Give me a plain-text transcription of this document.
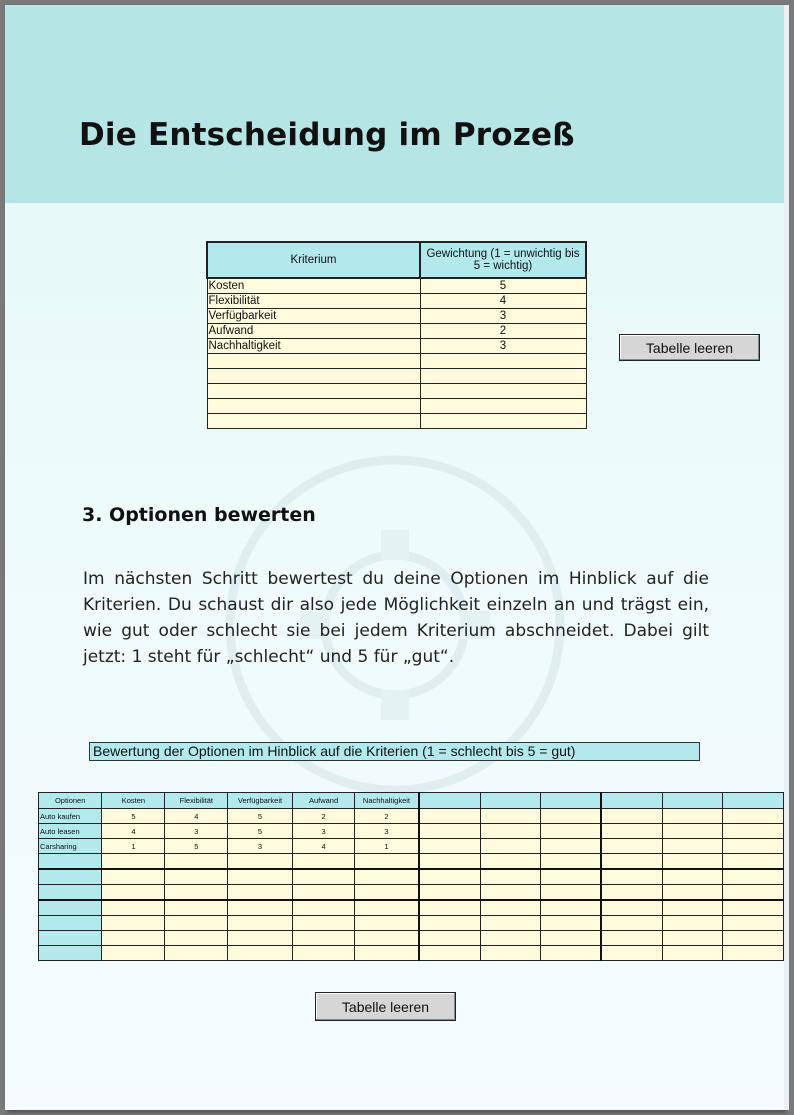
Die Entscheidung im Prozeß
Kriterium	Gewichtung (1 = unwichtig bis 5 = wichtig)
Kosten	5
Flexibilität	4
Verfügbarkeit	3
Aufwand	2
Nachhaltigkeit	3

		Tabelle leeren
3. Optionen bewerten

Im nächsten Schritt bewertest du deine Optionen im Hinblick auf die Kriterien. Du schaust dir also jede Möglichkeit einzeln an und trägst ein, wie gut oder schlecht sie bei jedem Kriterium abschneidet. Dabei gilt jetzt: 1 steht für „schlecht“ und 5 für „gut“.

Bewertung der Optionen im Hinblick auf die Kriterien (1 = schlecht bis 5 = gut)
Optionen	Kosten	Flexibilität	Verfügbarkeit	Aufwand	Nachhaltigkeit						
Auto kaufen	5	4	5	2	2						
Auto leasen	4	3	5	3	3						
Carsharing	1	5	3	4	1						

Tabelle leeren
